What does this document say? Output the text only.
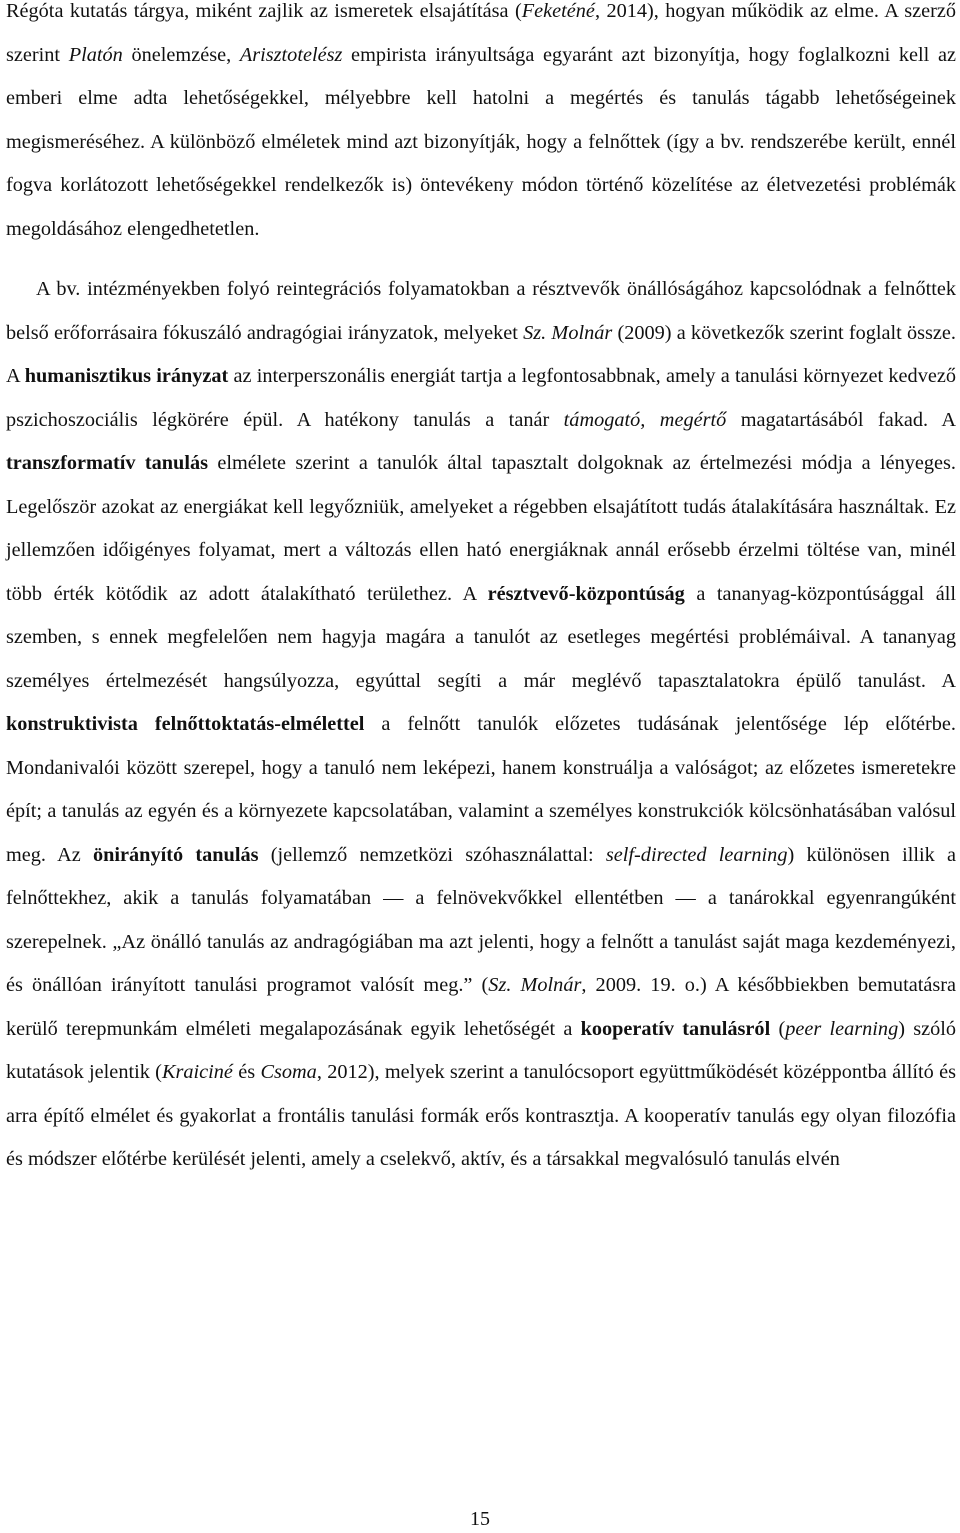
Régóta kutatás tárgya, miként zajlik az ismeretek elsajátítása (Feketéné, 2014), hogyan működik az elme. A szerző szerint Platón önelemzése, Arisztotelész empirista irányultsága egyaránt azt bizonyítja, hogy foglalkozni kell az emberi elme adta lehetőségekkel, mélyebbre kell hatolni a megértés és tanulás tágabb lehetőségeinek megismeréséhez. A különböző elméletek mind azt bizonyítják, hogy a felnőttek (így a bv. rendszerébe került, ennél fogva korlátozott lehetőségekkel rendelkezők is) öntevékeny módon történő közelítése az életvezetési problémák megoldásához elengedhetetlen.

A bv. intézményekben folyó reintegrációs folyamatokban a résztvevők önállóságához kapcsolódnak a felnőttek belső erőforrásaira fókuszáló andragógiai irányzatok, melyeket Sz. Molnár (2009) a következők szerint foglalt össze. A humanisztikus irányzat az interperszonális energiát tartja a legfontosabbnak, amely a tanulási környezet kedvező pszichoszociális légkörére épül. A hatékony tanulás a tanár támogató, megértő magatartásából fakad. A transzformatív tanulás elmélete szerint a tanulók által tapasztalt dolgoknak az értelmezési módja a lényeges. Legelőször azokat az energiákat kell legyőzniük, amelyeket a régebben elsajátított tudás átalakítására használtak. Ez jellemzően időigényes folyamat, mert a változás ellen ható energiáknak annál erősebb érzelmi töltése van, minél több érték kötődik az adott átalakítható területhez. A résztvevő-központúság a tananyag-központúsággal áll szemben, s ennek megfelelően nem hagyja magára a tanulót az esetleges megértési problémáival. A tananyag személyes értelmezését hangsúlyozza, egyúttal segíti a már meglévő tapasztalatokra épülő tanulást. A konstruktivista felnőttoktatás-elmélettel a felnőtt tanulók előzetes tudásának jelentősége lép előtérbe. Mondanivalói között szerepel, hogy a tanuló nem leképezi, hanem konstruálja a valóságot; az előzetes ismeretekre épít; a tanulás az egyén és a környezete kapcsolatában, valamint a személyes konstrukciók kölcsönhatásában valósul meg. Az önirányító tanulás (jellemző nemzetközi szóhasználattal: self-directed learning) különösen illik a felnőttekhez, akik a tanulás folyamatában — a felnövekvőkkel ellentétben — a tanárokkal egyenrangúként szerepelnek. „Az önálló tanulás az andragógiában ma azt jelenti, hogy a felnőtt a tanulást saját maga kezdeményezi, és önállóan irányított tanulási programot valósít meg.” (Sz. Molnár, 2009. 19. o.) A későbbiekben bemutatásra kerülő terepmunkám elméleti megalapozásának egyik lehetőségét a kooperatív tanulásról (peer learning) szóló kutatások jelentik (Kraiciné és Csoma, 2012), melyek szerint a tanulócsoport együttműködését középpontba állító és arra építő elmélet és gyakorlat a frontális tanulási formák erős kontrasztja. A kooperatív tanulás egy olyan filozófia és módszer előtérbe kerülését jelenti, amely a cselekvő, aktív, és a társakkal megvalósuló tanulás elvén

15
